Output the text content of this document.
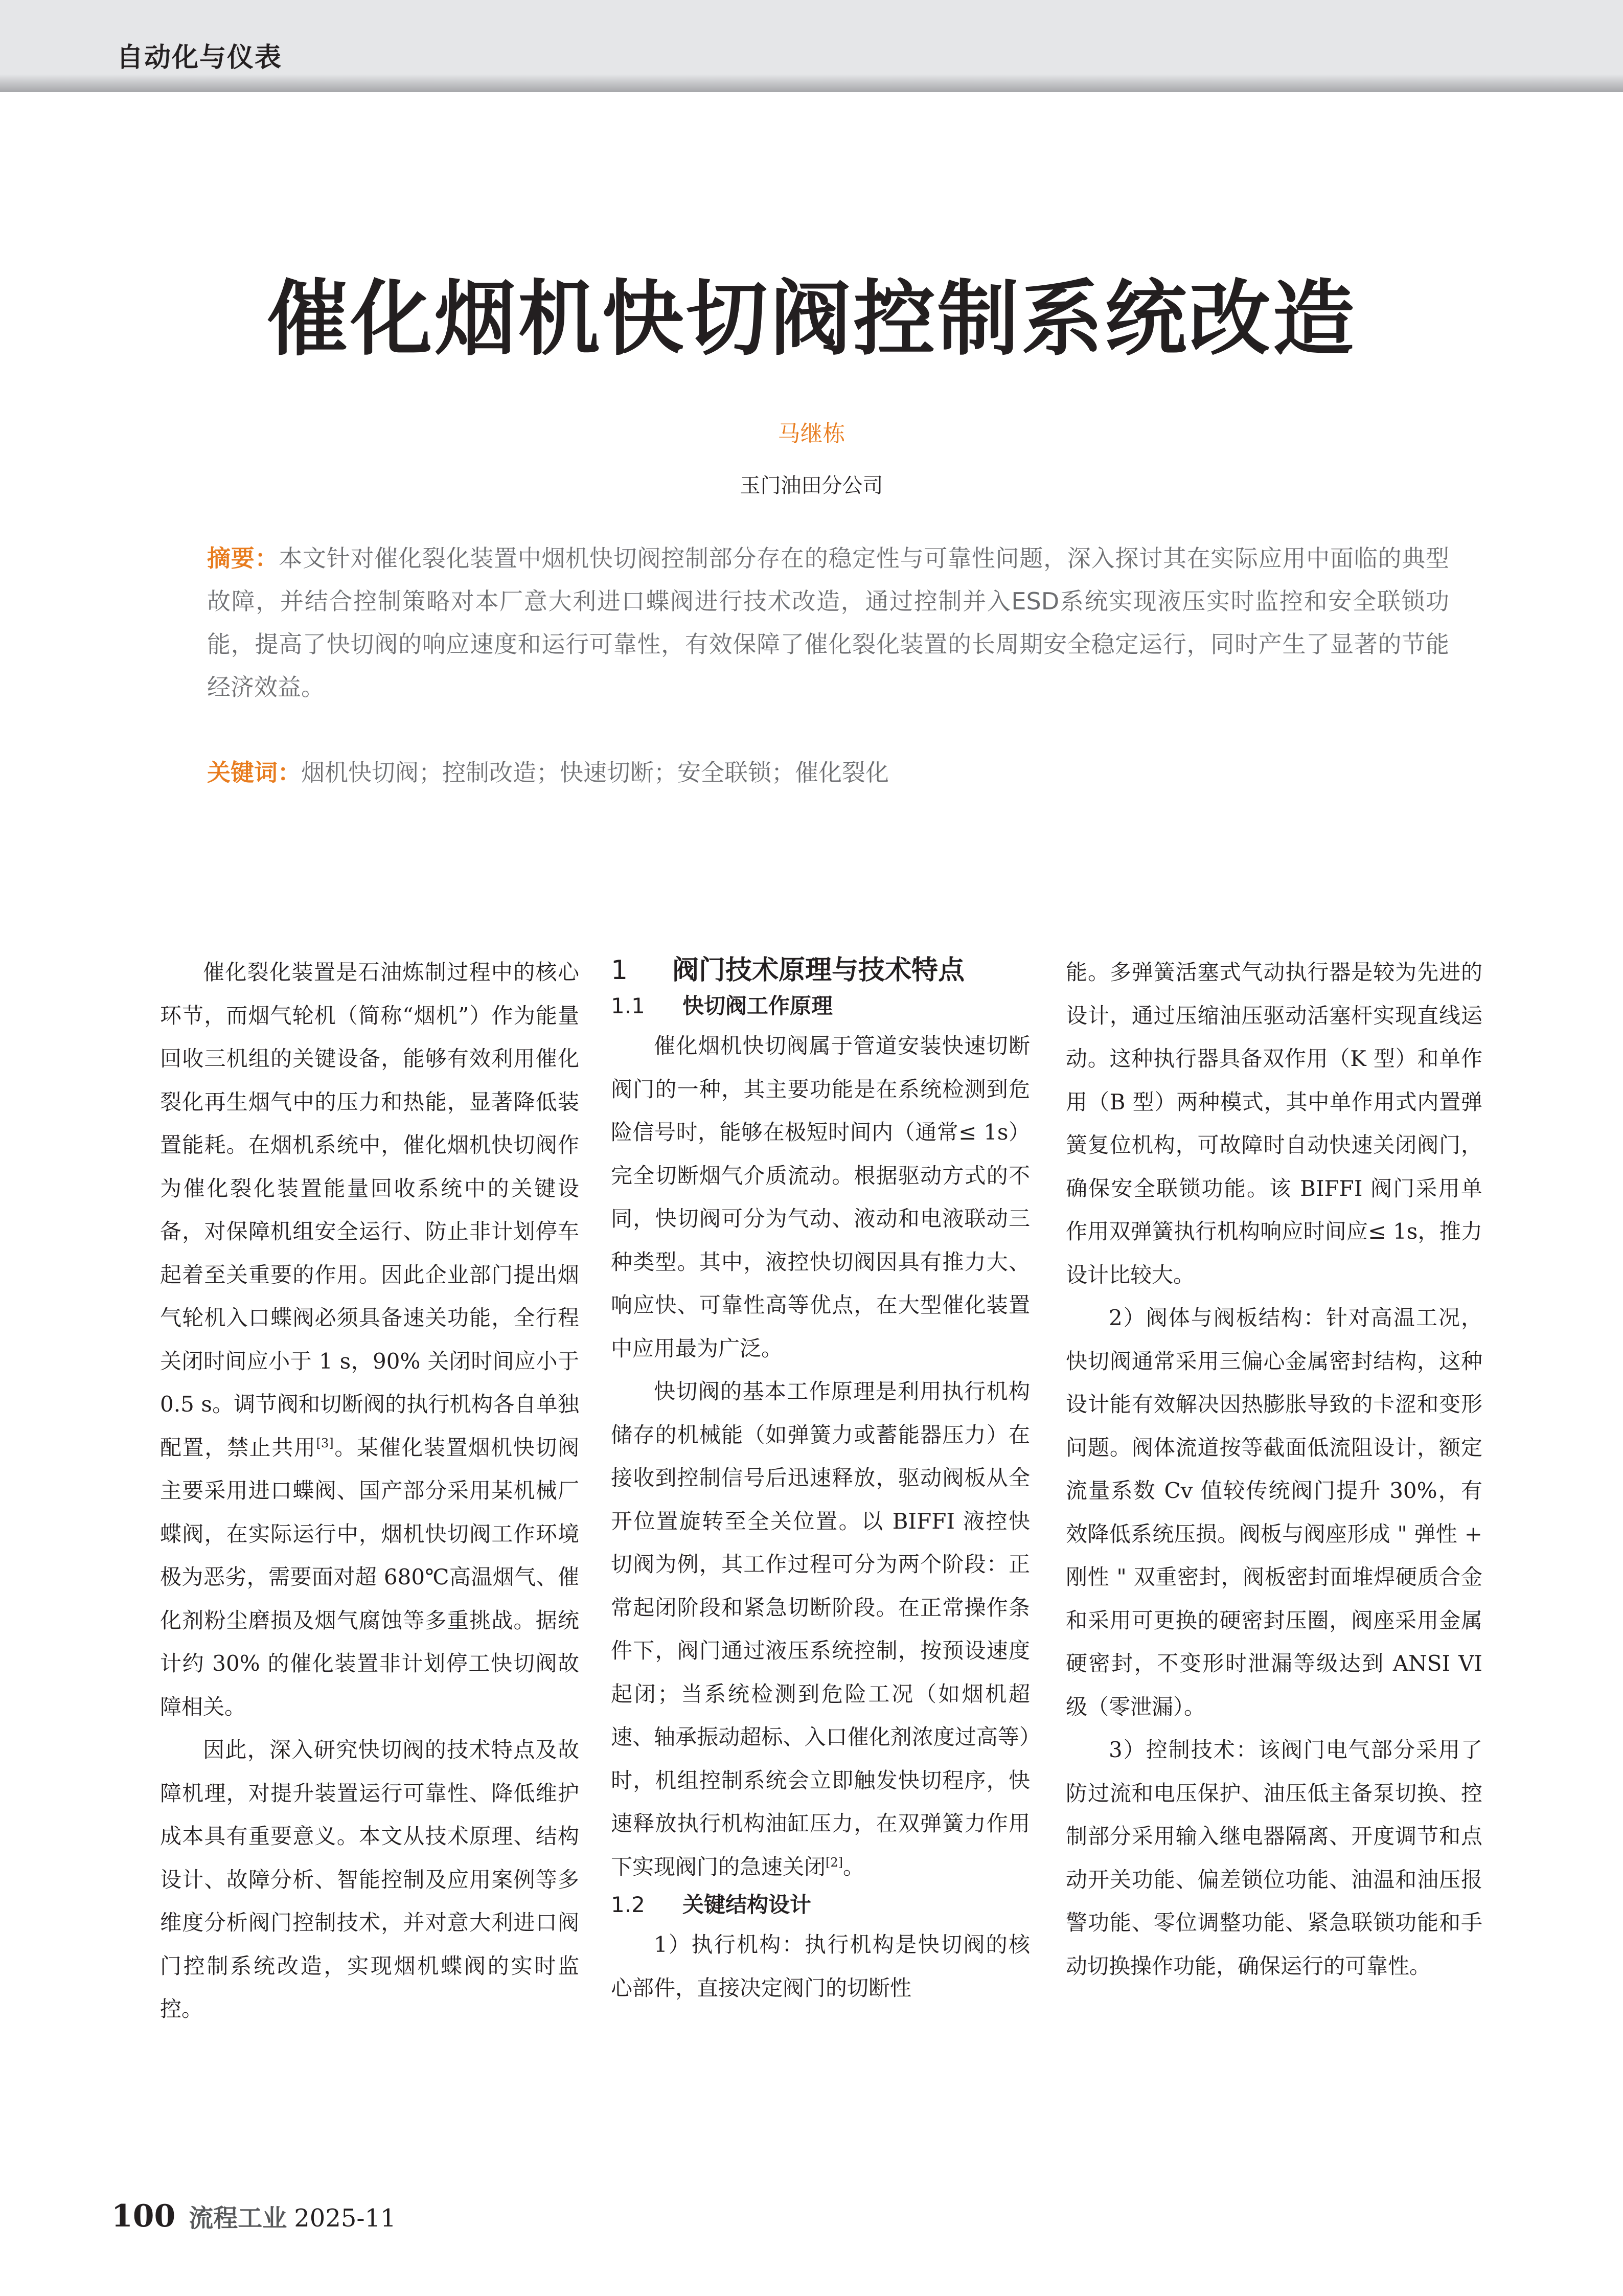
自动化与仪表
催化烟机快切阀控制系统改造
马继栋
玉门油田分公司
摘要：本文针对催化裂化装置中烟机快切阀控制部分存在的稳定性与可靠性问题，深入探讨其在实际应用中面临的典型故障，并结合控制策略对本厂意大利进口蝶阀进行技术改造，通过控制并入ESD系统实现液压实时监控和安全联锁功能，提高了快切阀的响应速度和运行可靠性，有效保障了催化裂化装置的长周期安全稳定运行，同时产生了显著的节能经济效益。
关键词：烟机快切阀；控制改造；快速切断；安全联锁；催化裂化

催化裂化装置是石油炼制过程中的核心环节，而烟气轮机（简称“烟机”）作为能量回收三机组的关键设备，能够有效利用催化裂化再生烟气中的压力和热能，显著降低装置能耗。在烟机系统中，催化烟机快切阀作为催化裂化装置能量回收系统中的关键设备，对保障机组安全运行、防止非计划停车起着至关重要的作用。因此企业部门提出烟气轮机入口蝶阀必须具备速关功能，全行程关闭时间应小于 1 s，90% 关闭时间应小于 0.5 s。调节阀和切断阀的执行机构各自单独配置，禁止共用[3]。某催化装置烟机快切阀主要采用进口蝶阀、国产部分采用某机械厂蝶阀，在实际运行中，烟机快切阀工作环境极为恶劣，需要面对超 680℃高温烟气、催化剂粉尘磨损及烟气腐蚀等多重挑战。据统计约 30% 的催化装置非计划停工快切阀故障相关。

因此，深入研究快切阀的技术特点及故障机理，对提升装置运行可靠性、降低维护成本具有重要意义。本文从技术原理、结构设计、故障分析、智能控制及应用案例等多维度分析阀门控制技术，并对意大利进口阀门控制系统改造，实现烟机蝶阀的实时监控。

1 阀门技术原理与技术特点
1.1 快切阀工作原理

催化烟机快切阀属于管道安装快速切断阀门的一种，其主要功能是在系统检测到危险信号时，能够在极短时间内（通常≤ 1s）完全切断烟气介质流动。根据驱动方式的不同，快切阀可分为气动、液动和电液联动三种类型。其中，液控快切阀因具有推力大、响应快、可靠性高等优点，在大型催化装置中应用最为广泛。

快切阀的基本工作原理是利用执行机构储存的机械能（如弹簧力或蓄能器压力）在接收到控制信号后迅速释放，驱动阀板从全开位置旋转至全关位置。以 BIFFI 液控快切阀为例，其工作过程可分为两个阶段：正常起闭阶段和紧急切断阶段。在正常操作条件下，阀门通过液压系统控制，按预设速度起闭；当系统检测到危险工况（如烟机超速、轴承振动超标、入口催化剂浓度过高等）时，机组控制系统会立即触发快切程序，快速释放执行机构油缸压力，在双弹簧力作用下实现阀门的急速关闭[2]。

1.2 关键结构设计

1）执行机构：执行机构是快切阀的核心部件，直接决定阀门的切断性

能。多弹簧活塞式气动执行器是较为先进的设计，通过压缩油压驱动活塞杆实现直线运动。这种执行器具备双作用（K 型）和单作用（B 型）两种模式，其中单作用式内置弹簧复位机构，可故障时自动快速关闭阀门，确保安全联锁功能。该 BIFFI 阀门采用单作用双弹簧执行机构响应时间应≤ 1s，推力设计比较大。

2）阀体与阀板结构：针对高温工况，快切阀通常采用三偏心金属密封结构，这种设计能有效解决因热膨胀导致的卡涩和变形问题。阀体流道按等截面低流阻设计，额定流量系数 Cv 值较传统阀门提升 30%，有效降低系统压损。阀板与阀座形成 " 弹性 + 刚性 " 双重密封，阀板密封面堆焊硬质合金和采用可更换的硬密封压圈，阀座采用金属硬密封，不变形时泄漏等级达到 ANSI VI 级（零泄漏）。

3）控制技术：该阀门电气部分采用了防过流和电压保护、油压低主备泵切换、控制部分采用输入继电器隔离、开度调节和点动开关功能、偏差锁位功能、油温和油压报警功能、零位调整功能、紧急联锁功能和手动切换操作功能，确保运行的可靠性。

100 流程工业 2025-11
